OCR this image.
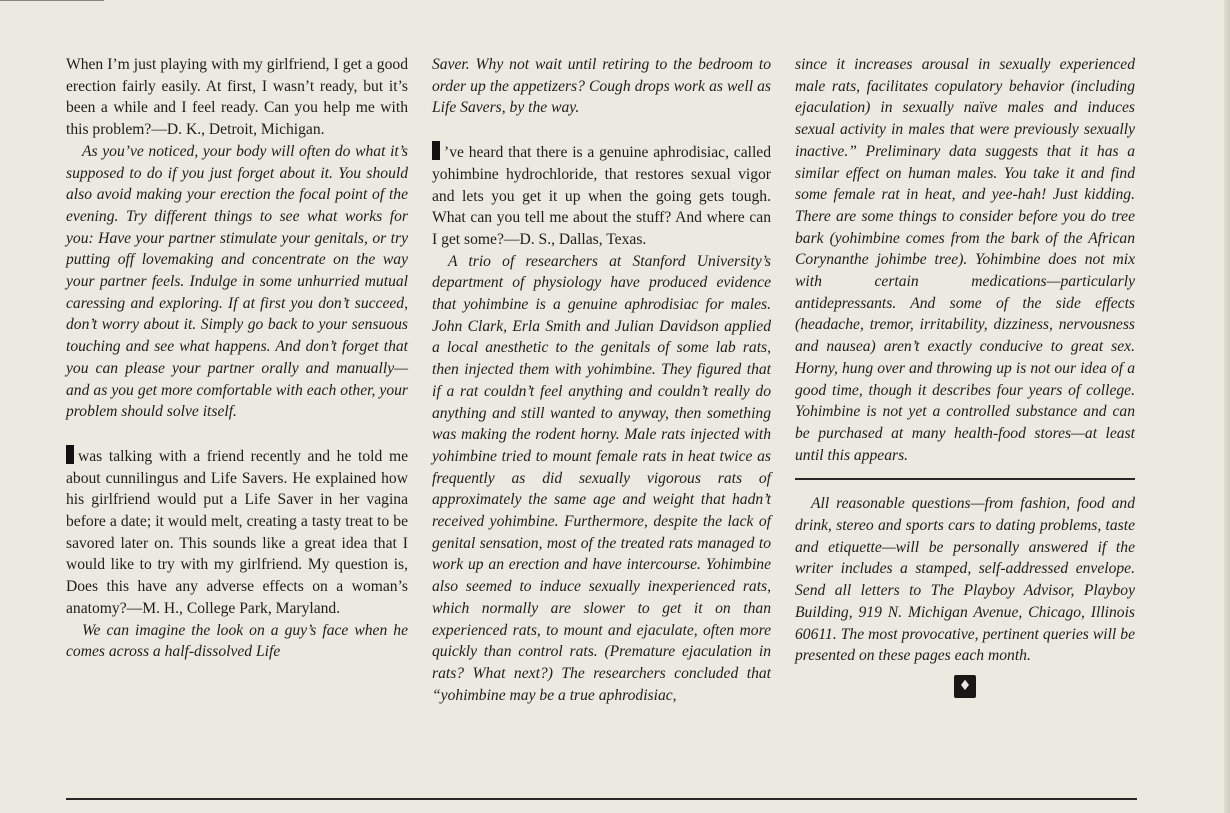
When I’m just playing with my girlfriend, I get a good erection fairly easily. At first, I wasn’t ready, but it’s been a while and I feel ready. Can you help me with this problem?—D. K., Detroit, Michigan.

As you’ve noticed, your body will often do what it’s supposed to do if you just forget about it. You should also avoid making your erection the focal point of the evening. Try different things to see what works for you: Have your partner stimulate your genitals, or try putting off lovemaking and concentrate on the way your partner feels. Indulge in some unhurried mutual caressing and exploring. If at first you don’t succeed, don’t worry about it. Simply go back to your sensuous touching and see what happens. And don’t forget that you can please your partner orally and manually—and as you get more comfortable with each other, your problem should solve itself.

was talking with a friend recently and he told me about cunnilingus and Life Savers. He explained how his girlfriend would put a Life Saver in her vagina before a date; it would melt, creating a tasty treat to be savored later on. This sounds like a great idea that I would like to try with my girlfriend. My question is, Does this have any adverse effects on a woman’s anatomy?—M. H., College Park, Maryland.

We can imagine the look on a guy’s face when he comes across a half-dissolved Life

Saver. Why not wait until retiring to the bedroom to order up the appetizers? Cough drops work as well as Life Savers, by the way.

’ve heard that there is a genuine aphrodisiac, called yohimbine hydrochloride, that restores sexual vigor and lets you get it up when the going gets tough. What can you tell me about the stuff? And where can I get some?—D. S., Dallas, Texas.

A trio of researchers at Stanford University’s department of physiology have produced evidence that yohimbine is a genuine aphrodisiac for males. John Clark, Erla Smith and Julian Davidson applied a local anesthetic to the genitals of some lab rats, then injected them with yohimbine. They figured that if a rat couldn’t feel anything and couldn’t really do anything and still wanted to anyway, then something was making the rodent horny. Male rats injected with yohimbine tried to mount female rats in heat twice as frequently as did sexually vigorous rats of approximately the same age and weight that hadn’t received yohimbine. Furthermore, despite the lack of genital sensation, most of the treated rats managed to work up an erection and have intercourse. Yohimbine also seemed to induce sexually inexperienced rats, which normally are slower to get it on than experienced rats, to mount and ejaculate, often more quickly than control rats. (Premature ejaculation in rats? What next?) The researchers concluded that “yohimbine may be a true aphrodisiac,

since it increases arousal in sexually experienced male rats, facilitates copulatory behavior (including ejaculation) in sexually naïve males and induces sexual activity in males that were previously sexually inactive.” Preliminary data suggests that it has a similar effect on human males. You take it and find some female rat in heat, and yee-hah! Just kidding. There are some things to consider before you do tree bark (yohimbine comes from the bark of the African Corynanthe johimbe tree). Yohimbine does not mix with certain medications—particularly antidepressants. And some of the side effects (headache, tremor, irritability, dizziness, nervousness and nausea) aren’t exactly conducive to great sex. Horny, hung over and throwing up is not our idea of a good time, though it describes four years of college. Yohimbine is not yet a controlled substance and can be purchased at many health-food stores—at least until this appears.

All reasonable questions—from fashion, food and drink, stereo and sports cars to dating problems, taste and etiquette—will be personally answered if the writer includes a stamped, self-addressed envelope. Send all letters to The Playboy Advisor, Playboy Building, 919 N. Michigan Avenue, Chicago, Illinois 60611. The most provocative, pertinent queries will be presented on these pages each month.

♦
